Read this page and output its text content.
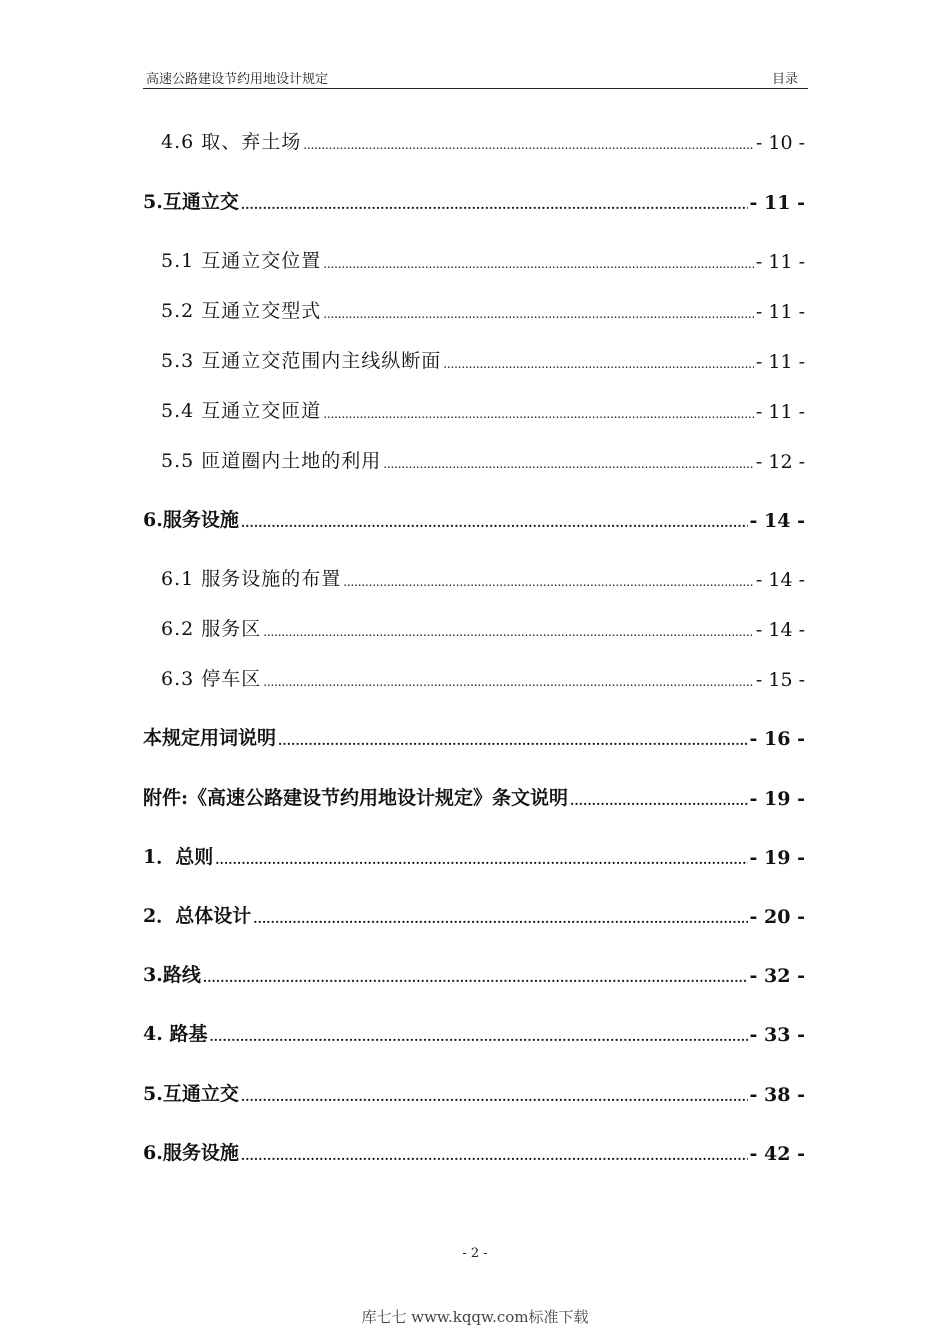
高速公路建设节约用地设计规定	目录
4.6 取、弃土场 . . .	- 10 -
5.互通立交 . . .	- 11 -
5.1 互通立交位置 . . .	- 11 -
5.2 互通立交型式 . . .	- 11 -
5.3 互通立交范围内主线纵断面 . . .	- 11 -
5.4 互通立交匝道 . . .	- 11 -
5.5 匝道圈内土地的利用 . . .	- 12 -
6.服务设施 . . .	- 14 -
6.1 服务设施的布置 . . .	- 14 -
6.2 服务区 . . .	- 14 -
6.3 停车区 . . .	- 15 -
本规定用词说明 . . .	- 16 -
附件:《高速公路建设节约用地设计规定》条文说明 . . .	- 19 -
1．总则 . . .	- 19 -
2．总体设计 . . .	- 20 -
3.路线 . . .	- 32 -
4. 路基 . . .	- 33 -
5.互通立交 . . .	- 38 -
6.服务设施 . . .	- 42 -
- 2 -
库七七 www.kqqw.com标准下载
